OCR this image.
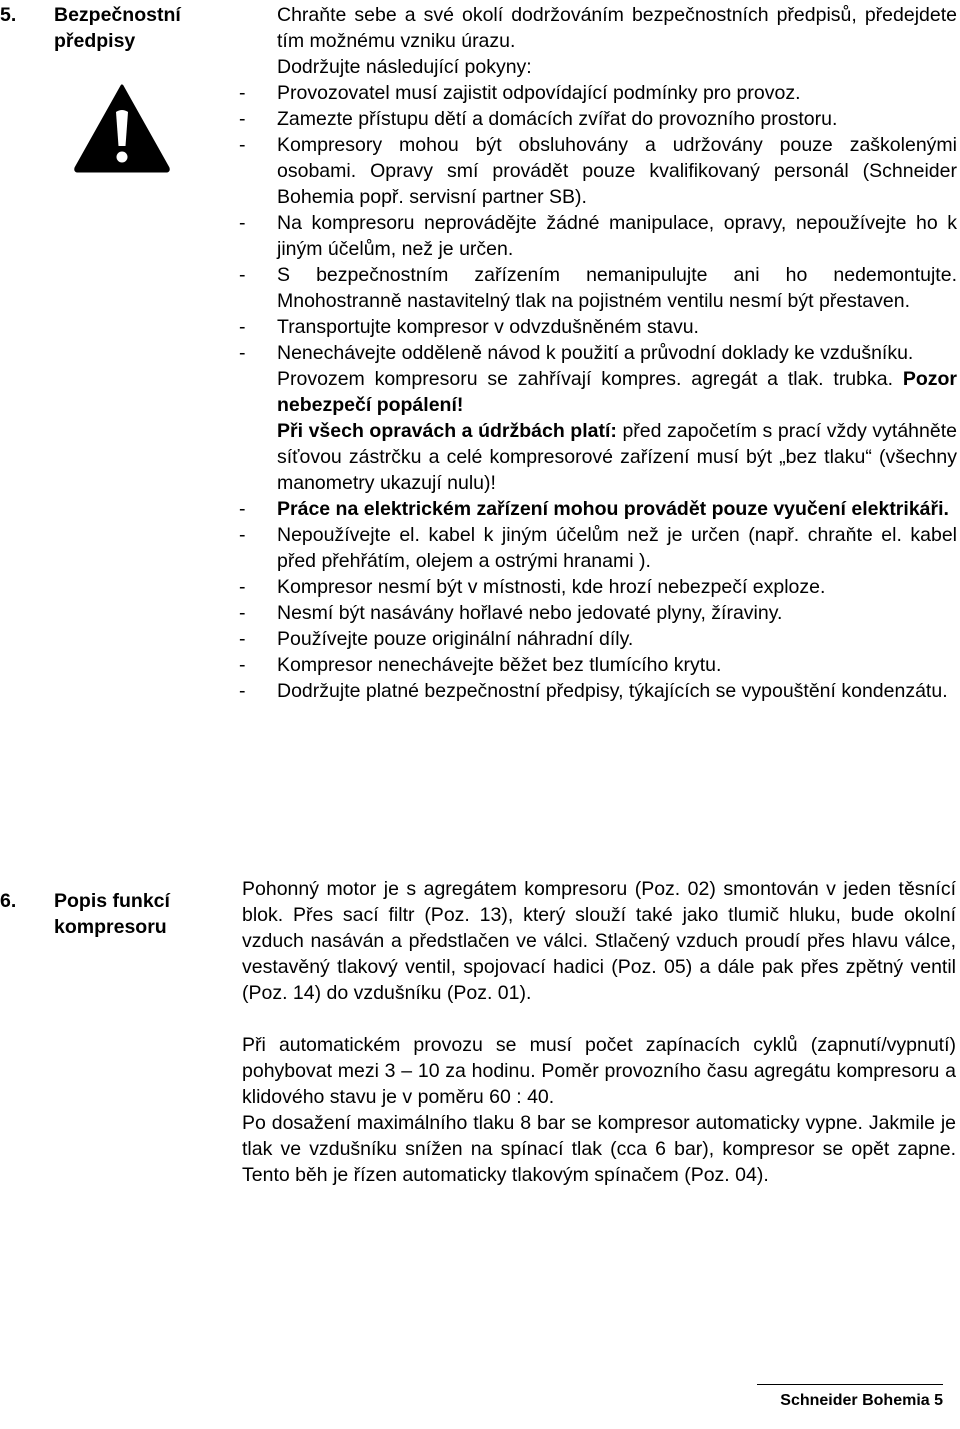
5. Bezpečnostní
předpisy

Chraňte sebe a své okolí dodržováním bezpečnostních předpisů, předejdete tím možnému vzniku úrazu.

Dodržujte následující pokyny:

- Provozovatel musí zajistit odpovídající podmínky pro provoz.
- Zamezte přístupu dětí a domácích zvířat do provozního prostoru.
- Kompresory mohou být obsluhovány a udržovány pouze zaškolenými osobami. Opravy smí provádět pouze kvalifikovaný personál (Schneider Bohemia popř. servisní partner SB).
- Na kompresoru neprovádějte žádné manipulace, opravy, nepoužívejte ho k jiným účelům, než je určen.
- S bezpečnostním zařízením nemanipulujte ani ho nedemontujte. Mnohostranně nastavitelný tlak na pojistném ventilu nesmí být přestaven.
- Transportujte kompresor v odvzdušněném stavu.
- Nenechávejte odděleně návod k použití a průvodní doklady ke vzdušníku.

Provozem kompresoru se zahřívají kompres. agregát a tlak. trubka. Pozor nebezpečí popálení!

Při všech opravách a údržbách platí: před započetím s prací vždy vytáhněte síťovou zástrčku a celé kompresorové zařízení musí být „bez tlaku“ (všechny manometry ukazují nulu)!

- Práce na elektrickém zařízení mohou provádět pouze vyučení elektrikáři.
- Nepoužívejte el. kabel k jiným účelům než je určen (např. chraňte el. kabel před přehřátím, olejem a ostrými hranami ).
- Kompresor nesmí být v místnosti, kde hrozí nebezpečí exploze.
- Nesmí být nasávány hořlavé nebo jedovaté plyny, žíraviny.
- Používejte pouze originální náhradní díly.
- Kompresor nenechávejte běžet bez tlumícího krytu.
- Dodržujte platné bezpečnostní předpisy, týkajících se vypouštění kondenzátu.
6. Popis funkcí
kompresoru

Pohonný motor je s agregátem kompresoru (Poz. 02) smontován v jeden těsnící blok. Přes sací filtr (Poz. 13), který slouží také jako tlumič hluku, bude okolní vzduch nasáván a předstlačen ve válci. Stlačený vzduch proudí přes hlavu válce, vestavěný tlakový ventil, spojovací hadici (Poz. 05) a dále pak přes zpětný ventil (Poz. 14) do vzdušníku (Poz. 01).

Při automatickém provozu se musí počet zapínacích cyklů (zapnutí/vypnutí) pohybovat mezi 3 – 10 za hodinu. Poměr provozního času agregátu kompresoru a klidového stavu je v poměru 60 : 40.

Po dosažení maximálního tlaku 8 bar se kompresor automaticky vypne. Jakmile je tlak ve vzdušníku snížen na spínací tlak (cca 6 bar), kompresor se opět zapne. Tento běh je řízen automaticky tlakovým spínačem (Poz. 04).

Schneider Bohemia 5
